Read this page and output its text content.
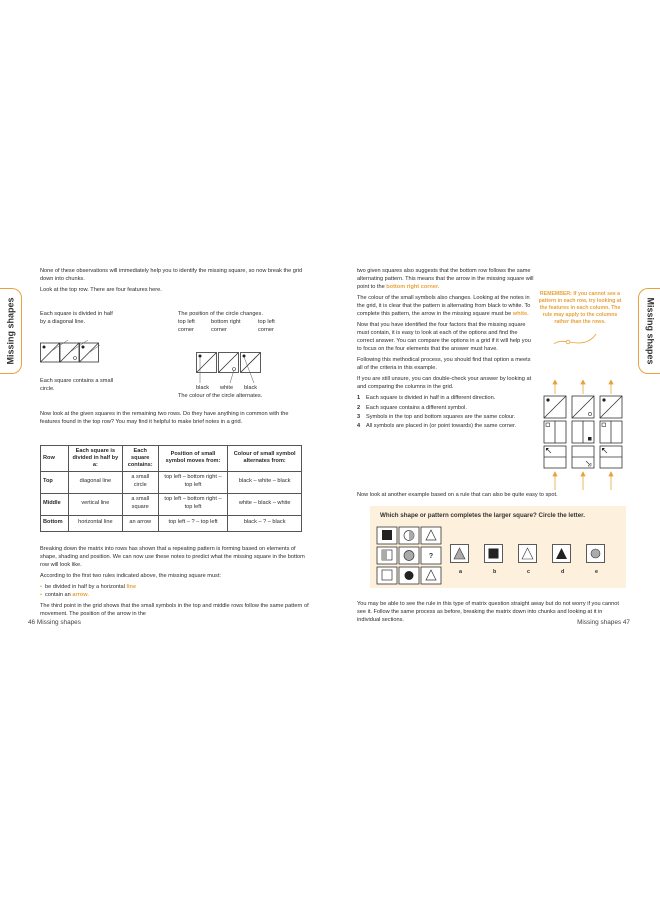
Missing shapes	Missing shapes

None of these observations will immediately help you to identify the missing square, so now break the grid down into chunks.

Look at the top row. There are four features here.

Each square is divided in half by a diagonal line.
The position of the circle changes.
top left	bottom right	top left
corner	corner	corner
Each square contains a small circle.	black white black
The colour of the circle alternates.
Now look at the given squares in the remaining two rows. Do they have anything in common with the features found in the top row? You may find it helpful to make brief notes in a grid.
Row	Each square is divided in half by a:	Each square contains:	Position of small symbol moves from:	Colour of small symbol alternates from:
Top	diagonal line	a small circle	top left – bottom right – top left	black – white – black
Middle	vertical line	a small square	top left – bottom right – top left	white – black – white
Bottom	horizontal line	an arrow	top left – ? – top left	black – ? – black

Breaking down the matrix into rows has shown that a repeating pattern is forming based on elements of shape, shading and position. We can now use these notes to predict what the missing square in the bottom row will look like.

According to the first two rules indicated above, the missing square must:

• be divided in half by a horizontal line
• contain an arrow.

The third point in the grid shows that the small symbols in the top and middle rows follow the same pattern of movement. The position of the arrow in the

46 Missing shapes

two given squares also suggests that the bottom row follows the same alternating pattern. This means that the arrow in the missing square will point to the bottom right corner.

The colour of the small symbols also changes. Looking at the notes in the grid, it is clear that the pattern is alternating from black to white. To complete this pattern, the arrow in the missing square must be white.

Now that you have identified the four factors that the missing square must contain, it is easy to look at each of the options and find the correct answer. You can compare the options in a grid if it will help you to focus on the four elements that the answer must have.

Following this methodical process, you should find that option a meets all of the criteria in this example.

If you are still unsure, you can double-check your answer by looking at and comparing the columns in the grid.

1 Each square is divided in half in a different direction.
2 Each square contains a different symbol.
3 Symbols in the top and bottom squares are the same colour.
4 All symbols are placed in (or point towards) the same corner.
REMEMBER: If you cannot see a pattern in each row, try looking at the features in each column. The rule may apply to the columns rather than the rows.
Now look at another example based on a rule that can also be quite easy to spot.
Which shape or pattern completes the larger square? Circle the letter.
?
a	b	c	d	e
You may be able to see the rule in this type of matrix question straight away but do not worry if you cannot see it. Follow the same process as before, breaking the matrix down into chunks and looking at it in individual sections.	Missing shapes 47
